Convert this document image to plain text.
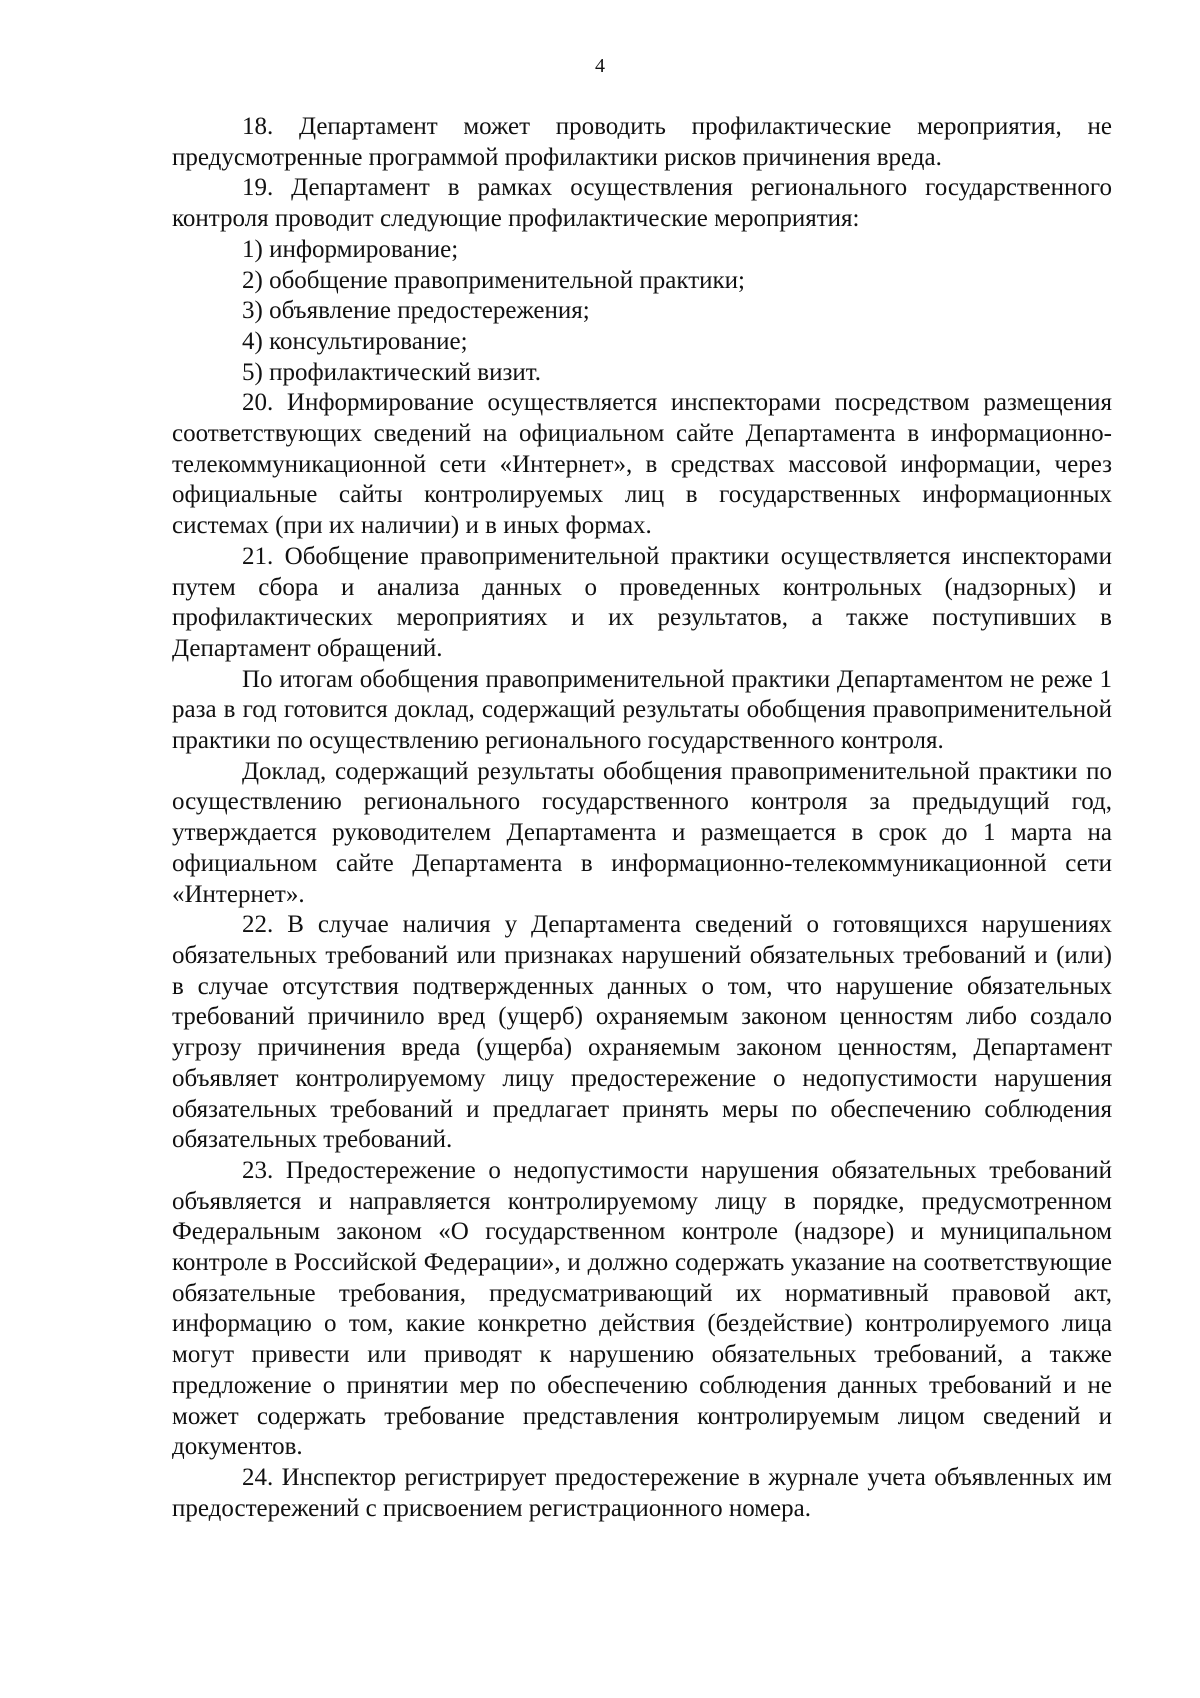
4

18. Департамент может проводить профилактические мероприятия, не предусмотренные программой профилактики рисков причинения вреда.

19. Департамент в рамках осуществления регионального государственного контроля проводит следующие профилактические мероприятия:

1) информирование;

2) обобщение правоприменительной практики;

3) объявление предостережения;

4) консультирование;

5) профилактический визит.

20. Информирование осуществляется инспекторами посредством размещения соответствующих сведений на официальном сайте Департамента в информационно-телекоммуникационной сети «Интернет», в средствах массовой информации, через официальные сайты контролируемых лиц в государственных информационных системах (при их наличии) и в иных формах.

21. Обобщение правоприменительной практики осуществляется инспекторами путем сбора и анализа данных о проведенных контрольных (надзорных) и профилактических мероприятиях и их результатов, а также поступивших в Департамент обращений.

По итогам обобщения правоприменительной практики Департаментом не реже 1 раза в год готовится доклад, содержащий результаты обобщения правоприменительной практики по осуществлению регионального государственного контроля.

Доклад, содержащий результаты обобщения правоприменительной практики по осуществлению регионального государственного контроля за предыдущий год, утверждается руководителем Департамента и размещается в срок до 1 марта на официальном сайте Департамента в информационно-телекоммуникационной сети «Интернет».

22. В случае наличия у Департамента сведений о готовящихся нарушениях обязательных требований или признаках нарушений обязательных требований и (или) в случае отсутствия подтвержденных данных о том, что нарушение обязательных требований причинило вред (ущерб) охраняемым законом ценностям либо создало угрозу причинения вреда (ущерба) охраняемым законом ценностям, Департамент объявляет контролируемому лицу предостережение о недопустимости нарушения обязательных требований и предлагает принять меры по обеспечению соблюдения обязательных требований.

23. Предостережение о недопустимости нарушения обязательных требований объявляется и направляется контролируемому лицу в порядке, предусмотренном Федеральным законом «О государственном контроле (надзоре) и муниципальном контроле в Российской Федерации», и должно содержать указание на соответствующие обязательные требования, предусматривающий их нормативный правовой акт, информацию о том, какие конкретно действия (бездействие) контролируемого лица могут привести или приводят к нарушению обязательных требований, а также предложение о принятии мер по обеспечению соблюдения данных требований и не может содержать требование представления контролируемым лицом сведений и документов.

24. Инспектор регистрирует предостережение в журнале учета объявленных им предостережений с присвоением регистрационного номера.
